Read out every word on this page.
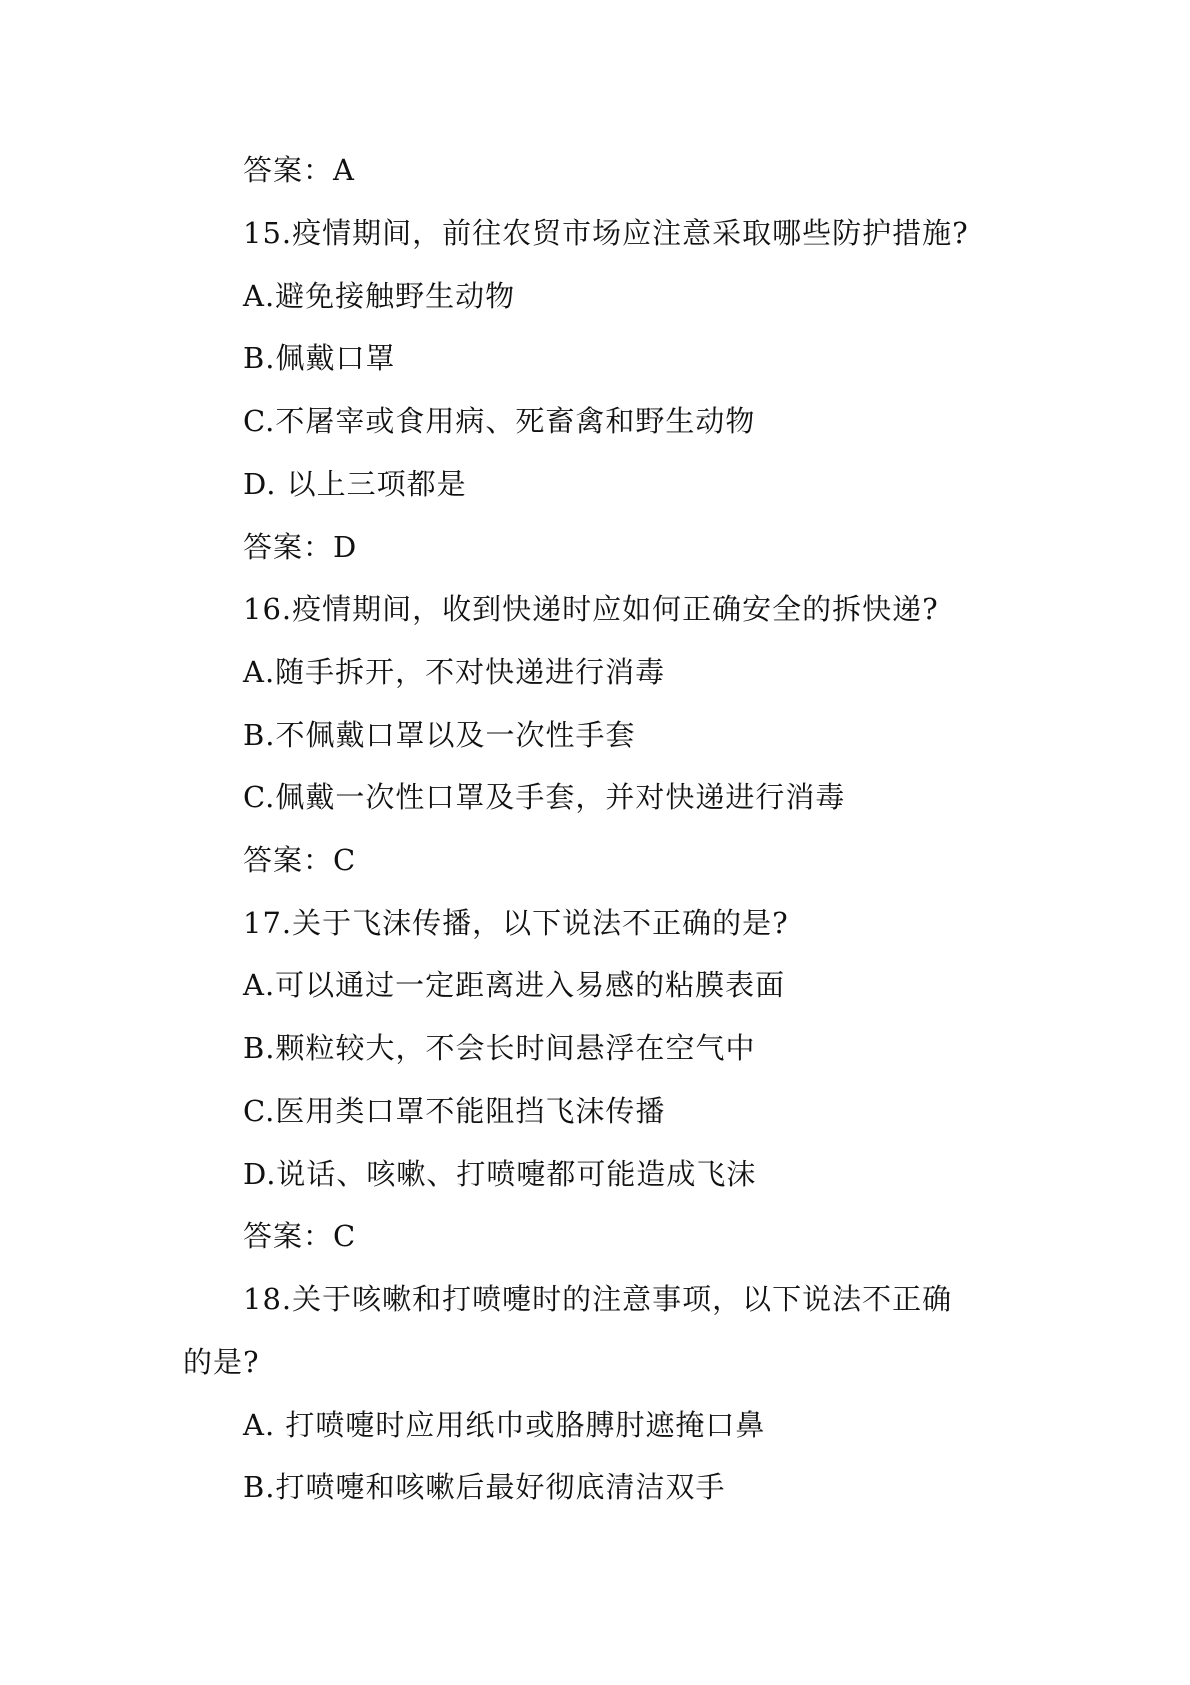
答案：A
15.疫情期间，前往农贸市场应注意采取哪些防护措施?
A.避免接触野生动物
B.佩戴口罩
C.不屠宰或食用病、死畜禽和野生动物
D. 以上三项都是
答案：D
16.疫情期间，收到快递时应如何正确安全的拆快递?
A.随手拆开，不对快递进行消毒
B.不佩戴口罩以及一次性手套
C.佩戴一次性口罩及手套，并对快递进行消毒
答案：C
17.关于飞沫传播，以下说法不正确的是?
A.可以通过一定距离进入易感的粘膜表面
B.颗粒较大，不会长时间悬浮在空气中
C.医用类口罩不能阻挡飞沫传播
D.说话、咳嗽、打喷嚏都可能造成飞沫
答案：C
18.关于咳嗽和打喷嚏时的注意事项，以下说法不正确
的是?
A. 打喷嚏时应用纸巾或胳膊肘遮掩口鼻
B.打喷嚏和咳嗽后最好彻底清洁双手
